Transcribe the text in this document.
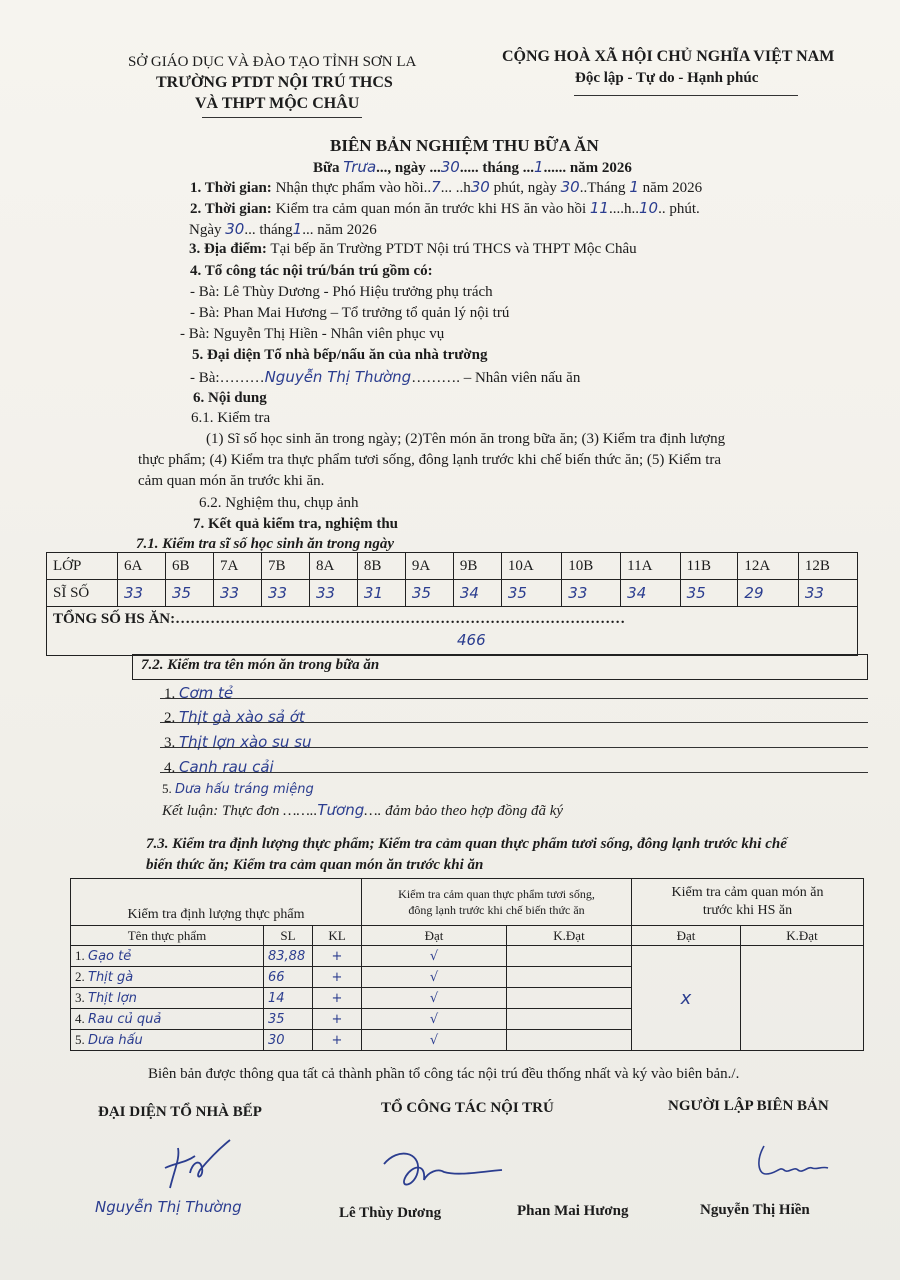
SỞ GIÁO DỤC VÀ ĐÀO TẠO TỈNH SƠN LA
TRƯỜNG PTDT NỘI TRÚ THCS
VÀ THPT MỘC CHÂU
CỘNG HOÀ XÃ HỘI CHỦ NGHĨA VIỆT NAM
Độc lập - Tự do - Hạnh phúc
BIÊN BẢN NGHIỆM THU BỮA ĂN
Bữa Trưa..., ngày ...30..... tháng ...1...... năm 2026
1. Thời gian: Nhận thực phẩm vào hồi..7... ..h30 phút, ngày 30..Tháng 1 năm 2026
2. Thời gian: Kiểm tra cảm quan món ăn trước khi HS ăn vào hồi 11....h..10.. phút.
Ngày 30... tháng1... năm 2026
3. Địa điểm: Tại bếp ăn Trường PTDT Nội trú THCS và THPT Mộc Châu
4. Tổ công tác nội trú/bán trú gồm có:
- Bà: Lê Thùy Dương - Phó Hiệu trưởng phụ trách
- Bà: Phan Mai Hương – Tổ trưởng tổ quản lý nội trú
- Bà: Nguyễn Thị Hiền - Nhân viên phục vụ
5. Đại diện Tổ nhà bếp/nấu ăn của nhà trường
- Bà:………Nguyễn Thị Thường………. – Nhân viên nấu ăn
6. Nội dung
6.1. Kiểm tra
(1) Sĩ số học sinh ăn trong ngày; (2)Tên món ăn trong bữa ăn; (3) Kiểm tra định lượng
thực phẩm; (4) Kiểm tra thực phẩm tươi sống, đông lạnh trước khi chế biến thức ăn; (5) Kiểm tra
cảm quan món ăn trước khi ăn.
6.2. Nghiệm thu, chụp ảnh
7. Kết quả kiểm tra, nghiệm thu
7.1. Kiểm tra sĩ số học sinh ăn trong ngày
LỚP	6A	6B	7A	7B	8A	8B	9A	9B	10A	10B	11A	11B	12A	12B
SĨ SỐ	33	35	33	33	33	31	35	34	35	33	34	35	29	33
TỔNG SỐ HS ĂN:………………………………………………………………………………
466														
7.2. Kiểm tra tên món ăn trong bữa ăn
1. Cơm tẻ
2. Thịt gà xào sả ớt
3. Thịt lợn xào su su
4. Canh rau cải
5. Dưa hấu tráng miệng
Kết luận: Thực đơn ……..Tương…. đảm bảo theo hợp đồng đã ký
7.3. Kiểm tra định lượng thực phẩm; Kiểm tra cảm quan thực phẩm tươi sống, đông lạnh trước khi chế
biến thức ăn; Kiểm tra cảm quan món ăn trước khi ăn
Kiểm tra định lượng thực phẩm			Kiểm tra cảm quan thực phẩm tươi sống,
đông lạnh trước khi chế biến thức ăn		Kiểm tra cảm quan món ăn
trước khi HS ăn	
Tên thực phẩm	SL	KL	Đạt	K.Đạt	Đạt	K.Đạt
1. Gạo tẻ	83,88	+	√		x	
2. Thịt gà	66	+	√			
3. Thịt lợn	14	+	√			
4. Rau củ quả	35	+	√			
5. Dưa hấu	30	+	√			
Biên bản được thông qua tất cả thành phần tổ công tác nội trú đều thống nhất và ký vào biên bản./.
ĐẠI DIỆN TỔ NHÀ BẾP	TỔ CÔNG TÁC NỘI TRÚ	NGƯỜI LẬP BIÊN BẢN
Nguyễn Thị Thường	Lê Thùy Dương	Phan Mai Hương	Nguyễn Thị Hiền
